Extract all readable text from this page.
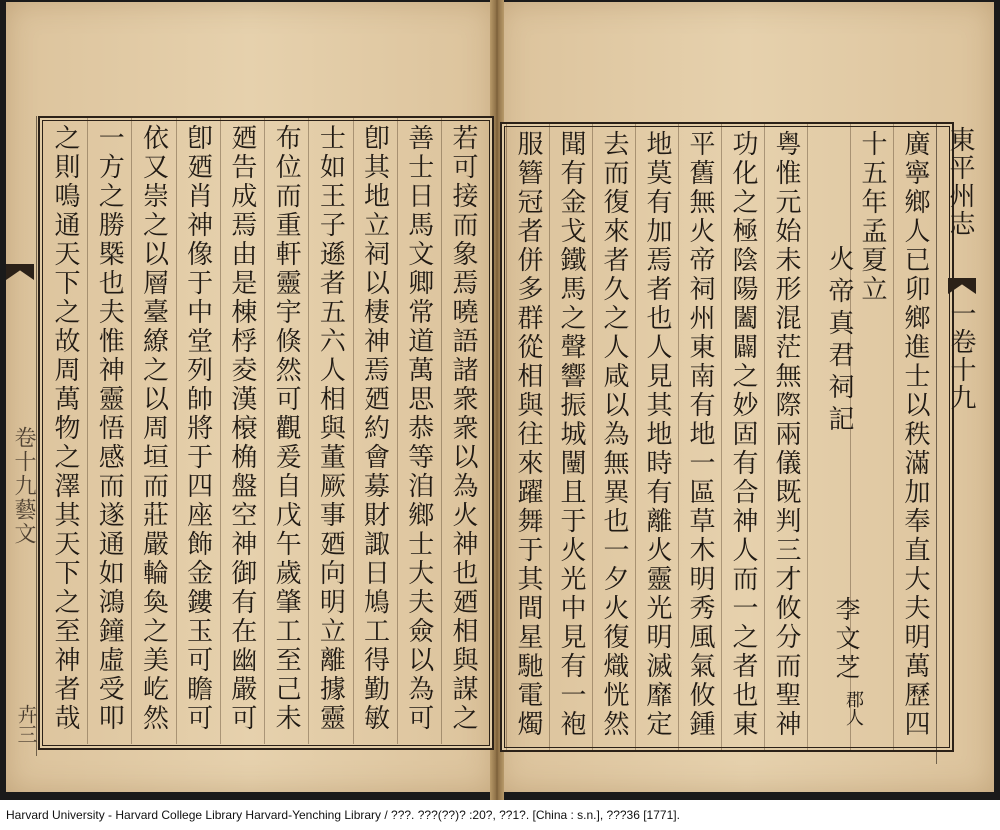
卷十九藝文
𠦄三	若可接而象焉曉語諸衆衆以為火神也廼相與謀之
善士日馬文卿常道萬思恭等洎鄉士大夫僉以為可
卽其地立祠以棲神焉廼約會募財諏日鳩工得勤敏
士如王子遜者五六人相與董厥事廼向明立離據靈
布位而重軒靈宇倏然可觀爰自戊午歲肇工至己未
廼告成焉由是棟桴夌漢榱桷盤空神御有在幽嚴可
卽廼肖神像于中堂列帥將于四座飾金鏤玉可瞻可
依又崇之以層臺繚之以周垣而莊嚴輪奐之美屹然
一方之勝槩也夫惟神靈悟感而遂通如鴻鐘虛受叩
之則鳴通天下之故周萬物之澤其天下之至神者哉	東平州志
一卷十九
廣寧鄉人已卯鄉進士以秩滿加奉直大夫明萬歷四
十五年孟夏立
粤惟元始未形混茫無際兩儀既判三才攸分而聖神
功化之極陰陽闔闢之妙固有合神人而一之者也東
平舊無火帝祠州東南有地一區草木明秀風氣攸鍾
地莫有加焉者也人見其地時有離火靈光明滅靡定
去而復來者久之人咸以為無異也一夕火復熾恍然
聞有金戈鐵馬之聲響振城闉且于火光中見有一袍
服簪冠者併多群從相與往來躍舞于其間星馳電燭	火帝真君祠記
李文芝
郡人
Harvard University - Harvard College Library Harvard-Yenching Library / ???. ???(??)? :20?, ??1?. [China : s.n.], ???36 [1771].
